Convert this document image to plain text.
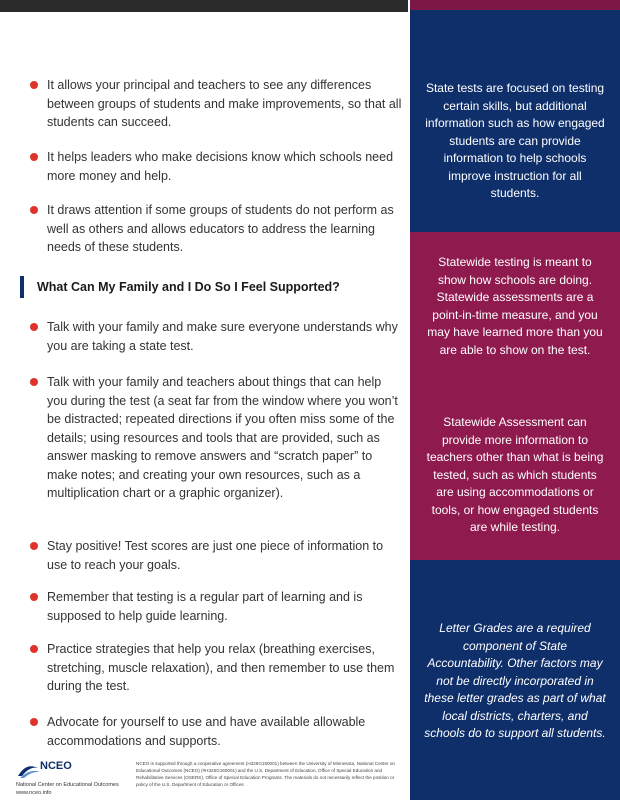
It allows your principal and teachers to see any differences between groups of students and make improvements, so that all students can succeed.
It helps leaders who make decisions know which schools need more money and help.
It draws attention if some groups of students do not perform as well as others and allows educators to address the learning needs of these students.
What Can My Family and I Do So I Feel Supported?
Talk with your family and make sure everyone understands why you are taking a state test.
Talk with your family and teachers about things that can help you during the test (a seat far from the window where you won’t be distracted; repeated directions if you often miss some of the details; using resources and tools that are provided, such as answer masking to remove answers and “scratch paper” to make notes; and creating your own resources, such as a multiplication chart or a graphic organizer).
Stay positive! Test scores are just one piece of information to use to reach your goals.
Remember that testing is a regular part of learning and is supposed to help guide learning.
Practice strategies that help you relax (breathing exercises, stretching, muscle relaxation), and then remember to use them during the test.
Advocate for yourself to use and have available allowable accommodations and supports.
NCEO
National Center on Educational Outcomes
www.nceo.info
NCEO is supported through a cooperative agreement (H326G160001) between the University of Minnesota, National Center on Educational Outcomes (NCEO) (#H326G160001) and the U.S. Department of Education, Office of Special Education and Rehabilitative Services (OSERS), Office of Special Education Programs. The materials do not necessarily reflect the position or policy of the U.S. Department of Education or Offices
State tests are focused on testing certain skills, but additional information such as how engaged students are can provide information to help schools improve instruction for all students.
Statewide testing is meant to show how schools are doing. Statewide assessments are a point-in-time measure, and you may have learned more than you are able to show on the test.
Statewide Assessment can provide more information to teachers other than what is being tested, such as which students are using accommodations or tools, or how engaged students are while testing.
Letter Grades are a required component of State Accountability. Other factors may not be directly incorporated in these letter grades as part of what local districts, charters, and schools do to support all students.
